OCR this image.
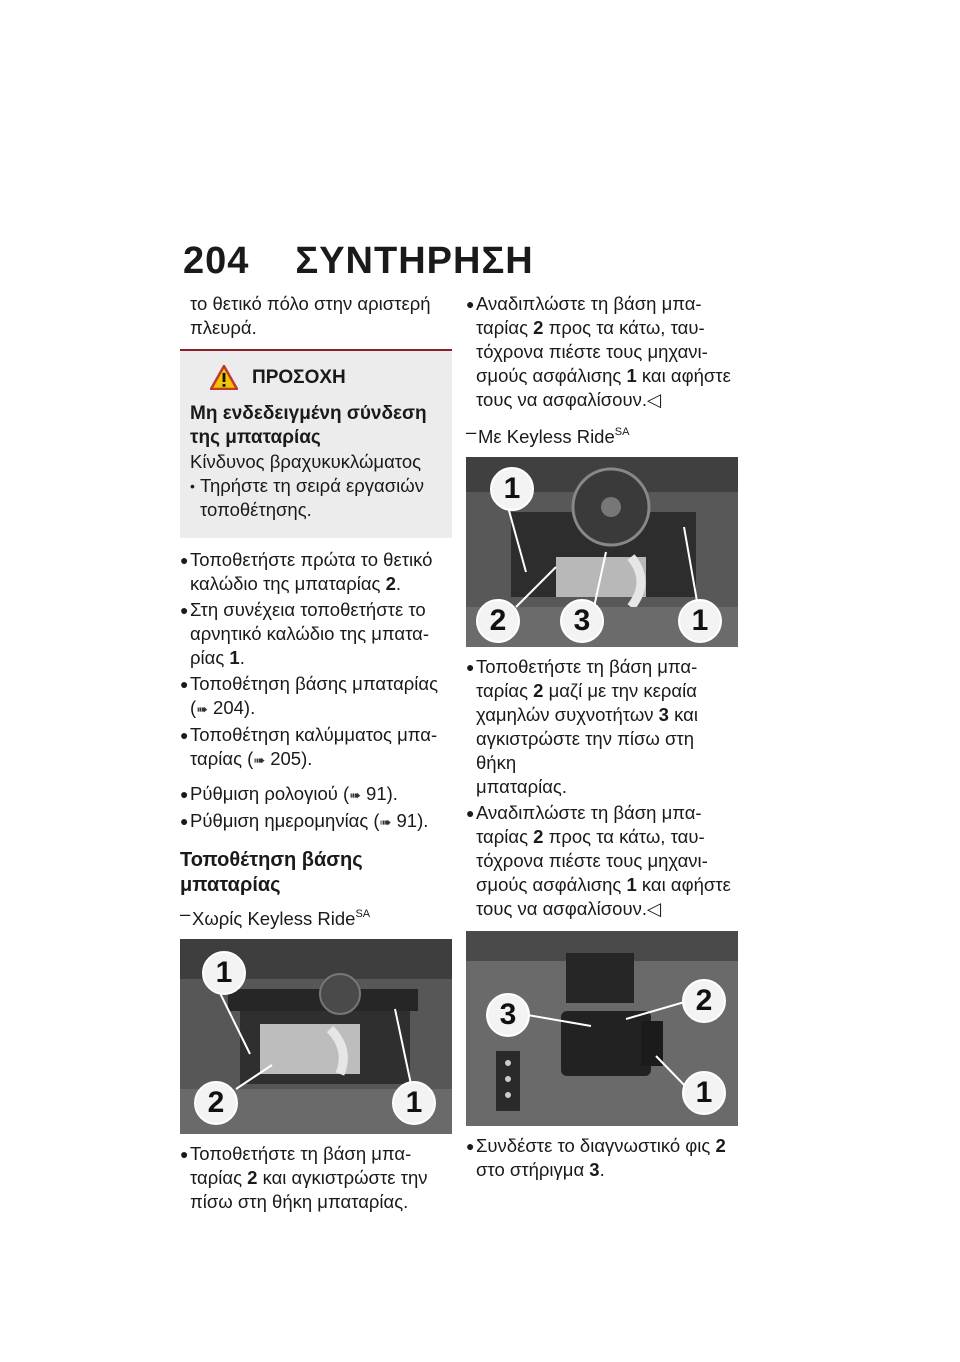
204 ΣΥΝΤΗΡΗΣΗ

το θετικό πόλο στην αριστερή

πλευρά.

ΠΡΟΣΟΧΗ
Μη ενδεδειγμένη σύνδεση
της μπαταρίας

Κίνδυνος βραχυκυκλώματος

• Τηρήστε τη σειρά εργασιών
τοποθέτησης.
● Τοποθετήστε πρώτα το θετικό
καλώδιο της μπαταρίας 2.
● Στη συνέχεια τοποθετήστε το
αρνητικό καλώδιο της μπατα-
ρίας 1.
● Τοποθέτηση βάσης μπαταρίας
(➠ 204).
● Τοποθέτηση καλύμματος μπα-
ταρίας (➠ 205).
● Ρύθμιση ρολογιού (➠ 91).
● Ρύθμιση ημερομηνίας (➠ 91).
Τοποθέτηση βάσης
μπαταρίας
– Χωρίς Keyless Ride$^{SA}$
1
2	1
● Τοποθετήστε τη βάση μπα-
ταρίας 2 και αγκιστρώστε την
πίσω στη θήκη μπαταρίας.
● Αναδιπλώστε τη βάση μπα-
ταρίας 2 προς τα κάτω, ταυ-
τόχρονα πιέστε τους μηχανι-
σμούς ασφάλισης 1 και αφήστε
τους να ασφαλίσουν.◁
– Με Keyless Ride$^{SA}$
1
2	3	1
● Τοποθετήστε τη βάση μπα-
ταρίας 2 μαζί με την κεραία
χαμηλών συχνοτήτων 3 και
αγκιστρώστε την πίσω στη θήκη
μπαταρίας.
● Αναδιπλώστε τη βάση μπα-
ταρίας 2 προς τα κάτω, ταυ-
τόχρονα πιέστε τους μηχανι-
σμούς ασφάλισης 1 και αφήστε
τους να ασφαλίσουν.◁
3	2
1
● Συνδέστε το διαγνωστικό φις 2
στο στήριγμα 3.
